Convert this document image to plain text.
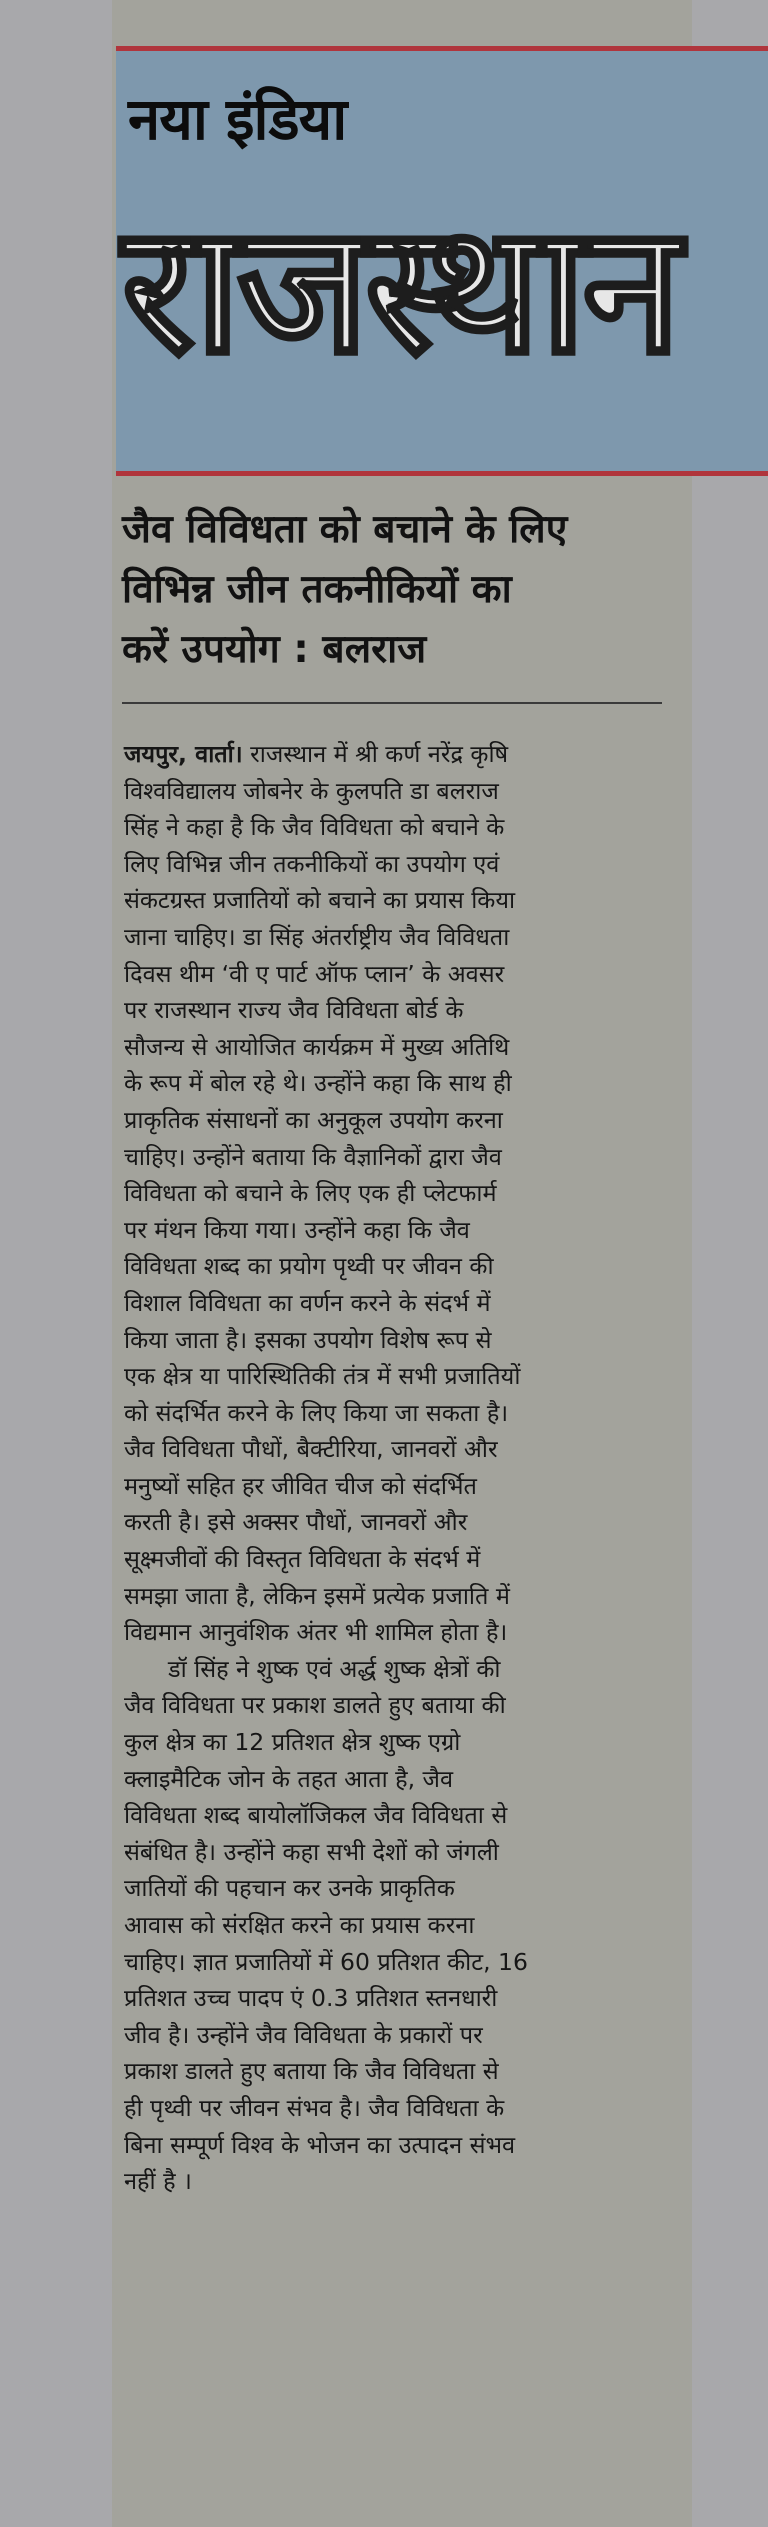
नया इंडिया
राजस्थान
जैव विविधता को बचाने के लिए
विभिन्न जीन तकनीकियों का
करें उपयोग : बलराज

जयपुर, वार्ता। राजस्थान में श्री कर्ण नरेंद्र कृषि
विश्वविद्यालय जोबनेर के कुलपति डा बलराज
सिंह ने कहा है कि जैव विविधता को बचाने के
लिए विभिन्न जीन तकनीकियों का उपयोग एवं
संकटग्रस्त प्रजातियों को बचाने का प्रयास किया
जाना चाहिए। डा सिंह अंतर्राष्ट्रीय जैव विविधता
दिवस थीम ‘वी ए पार्ट ऑफ प्लान’ के अवसर
पर राजस्थान राज्य जैव विविधता बोर्ड के
सौजन्य से आयोजित कार्यक्रम में मुख्य अतिथि
के रूप में बोल रहे थे। उन्होंने कहा कि साथ ही
प्राकृतिक संसाधनों का अनुकूल उपयोग करना
चाहिए। उन्होंने बताया कि वैज्ञानिकों द्वारा जैव
विविधता को बचाने के लिए एक ही प्लेटफार्म
पर मंथन किया गया। उन्होंने कहा कि जैव
विविधता शब्द का प्रयोग पृथ्वी पर जीवन की
विशाल विविधता का वर्णन करने के संदर्भ में
किया जाता है। इसका उपयोग विशेष रूप से
एक क्षेत्र या पारिस्थितिकी तंत्र में सभी प्रजातियों
को संदर्भित करने के लिए किया जा सकता है।
जैव विविधता पौधों, बैक्टीरिया, जानवरों और
मनुष्यों सहित हर जीवित चीज को संदर्भित
करती है। इसे अक्सर पौधों, जानवरों और
सूक्ष्मजीवों की विस्तृत विविधता के संदर्भ में
समझा जाता है, लेकिन इसमें प्रत्येक प्रजाति में
विद्यमान आनुवंशिक अंतर भी शामिल होता है।

डॉ सिंह ने शुष्क एवं अर्द्ध शुष्क क्षेत्रों की
जैव विविधता पर प्रकाश डालते हुए बताया की
कुल क्षेत्र का 12 प्रतिशत क्षेत्र शुष्क एग्रो
क्लाइमैटिक जोन के तहत आता है, जैव
विविधता शब्द बायोलॉजिकल जैव विविधता से
संबंधित है। उन्होंने कहा सभी देशों को जंगली
जातियों की पहचान कर उनके प्राकृतिक
आवास को संरक्षित करने का प्रयास करना
चाहिए। ज्ञात प्रजातियों में 60 प्रतिशत कीट, 16
प्रतिशत उच्च पादप एं 0.3 प्रतिशत स्तनधारी
जीव है। उन्होंने जैव विविधता के प्रकारों पर
प्रकाश डालते हुए बताया कि जैव विविधता से
ही पृथ्वी पर जीवन संभव है। जैव विविधता के
बिना सम्पूर्ण विश्व के भोजन का उत्पादन संभव
नहीं है ।
